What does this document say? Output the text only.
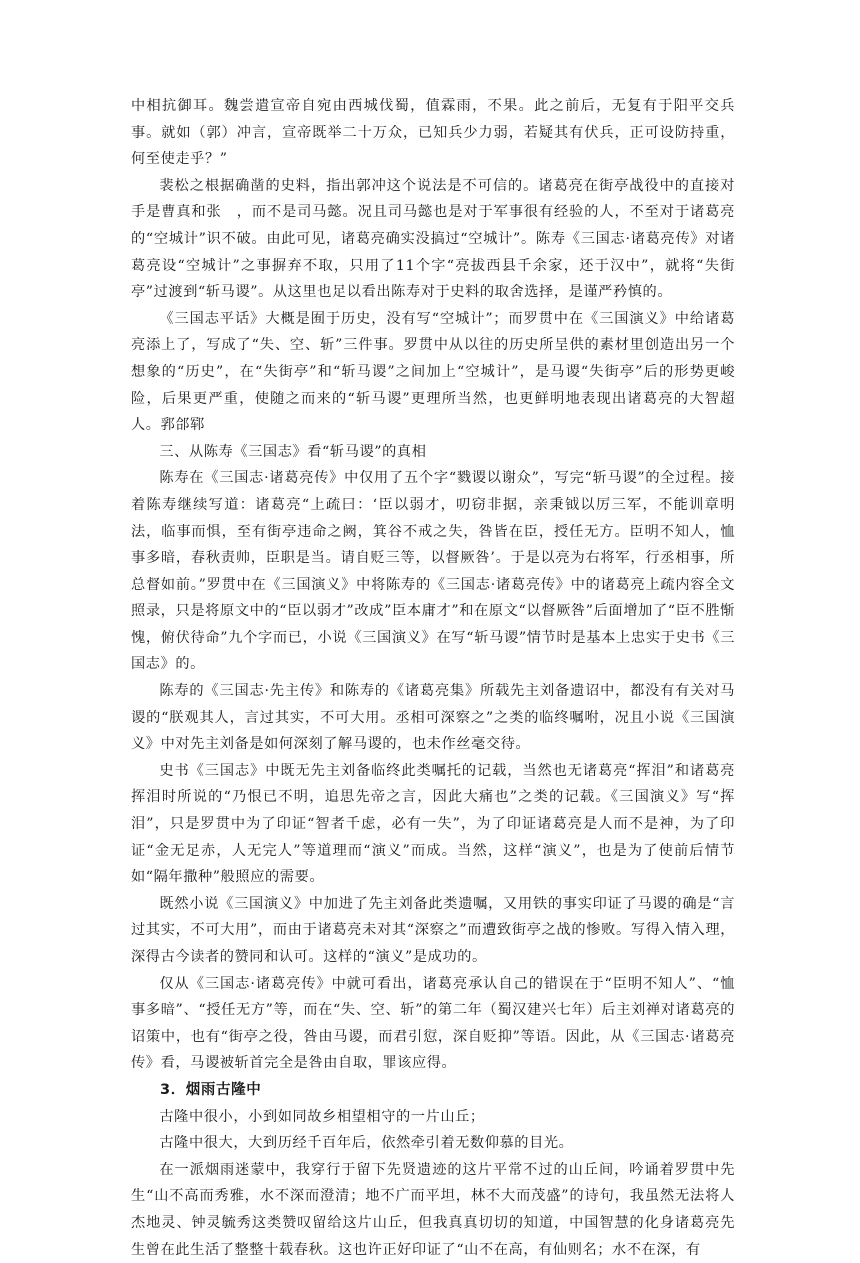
中相抗御耳。魏尝遣宣帝自宛由西城伐蜀，值霖雨，不果。此之前后，无复有于阳平交兵事。就如（郭）冲言，宣帝既举二十万众，已知兵少力弱，若疑其有伏兵，正可设防持重，何至使走乎？”

裴松之根据确凿的史料，指出郭冲这个说法是不可信的。诸葛亮在街亭战役中的直接对手是曹真和张　，而不是司马懿。况且司马懿也是对于军事很有经验的人，不至对于诸葛亮的“空城计”识不破。由此可见，诸葛亮确实没搞过“空城计”。陈寿《三国志·诸葛亮传》对诸葛亮设“空城计”之事摒弃不取，只用了11个字“亮拔西县千余家，还于汉中”，就将“失街亭”过渡到“斩马谡”。从这里也足以看出陈寿对于史料的取舍选择，是谨严矜慎的。

《三国志平话》大概是囿于历史，没有写“空城计”；而罗贯中在《三国演义》中给诸葛亮添上了，写成了“失、空、斩”三件事。罗贯中从以往的历史所呈供的素材里创造出另一个想象的“历史”，在“失街亭”和“斩马谡”之间加上“空城计”，是马谡“失街亭”后的形势更峻险，后果更严重，使随之而来的“斩马谡”更理所当然，也更鲜明地表现出诸葛亮的大智超人。郛郃郓

三、从陈寿《三国志》看“斩马谡”的真相

陈寿在《三国志·诸葛亮传》中仅用了五个字“戮谡以谢众”，写完“斩马谡”的全过程。接着陈寿继续写道：诸葛亮“上疏曰：‘臣以弱才，叨窃非据，亲秉钺以厉三军，不能训章明法，临事而惧，至有街亭违命之阙，箕谷不戒之失，咎皆在臣，授任无方。臣明不知人，恤事多暗，春秋责帅，臣职是当。请自贬三等，以督厥咎’。于是以亮为右将军，行丞相事，所总督如前。”罗贯中在《三国演义》中将陈寿的《三国志·诸葛亮传》中的诸葛亮上疏内容全文照录，只是将原文中的“臣以弱才”改成”臣本庸才”和在原文“以督厥咎”后面增加了“臣不胜惭愧，俯伏待命”九个字而已，小说《三国演义》在写“斩马谡”情节时是基本上忠实于史书《三国志》的。

陈寿的《三国志·先主传》和陈寿的《诸葛亮集》所载先主刘备遗诏中，都没有有关对马谡的“朕观其人，言过其实，不可大用。丞相可深察之”之类的临终嘱咐，况且小说《三国演义》中对先主刘备是如何深刻了解马谡的，也未作丝毫交待。

史书《三国志》中既无先主刘备临终此类嘱托的记载，当然也无诸葛亮“挥泪”和诸葛亮挥泪时所说的“乃恨已不明，追思先帝之言，因此大痛也”之类的记载。《三国演义》写“挥泪”，只是罗贯中为了印证“智者千虑，必有一失”，为了印证诸葛亮是人而不是神，为了印证“金无足赤，人无完人”等道理而“演义”而成。当然，这样“演义”，也是为了使前后情节如“隔年撒种”般照应的需要。

既然小说《三国演义》中加进了先主刘备此类遗嘱，又用铁的事实印证了马谡的确是“言过其实，不可大用”，而由于诸葛亮未对其“深察之”而遭致街亭之战的惨败。写得入情入理，深得古今读者的赞同和认可。这样的“演义”是成功的。

仅从《三国志·诸葛亮传》中就可看出，诸葛亮承认自己的错误在于“臣明不知人”、“恤事多暗”、“授任无方”等，而在“失、空、斩”的第二年（蜀汉建兴七年）后主刘禅对诸葛亮的诏策中，也有“街亭之役，咎由马谡，而君引愆，深自贬抑”等语。因此，从《三国志·诸葛亮传》看，马谡被斩首完全是咎由自取，罪该应得。

3．烟雨古隆中

古隆中很小，小到如同故乡相望相守的一片山丘；

古隆中很大，大到历经千百年后，依然牵引着无数仰慕的目光。

在一派烟雨迷蒙中，我穿行于留下先贤遗迹的这片平常不过的山丘间，吟诵着罗贯中先生“山不高而秀雅，水不深而澄清；地不广而平坦，林不大而茂盛”的诗句，我虽然无法将人杰地灵、钟灵毓秀这类赞叹留给这片山丘，但我真真切切的知道，中国智慧的化身诸葛亮先生曾在此生活了整整十载春秋。这也许正好印证了“山不在高，有仙则名；水不在深，有
